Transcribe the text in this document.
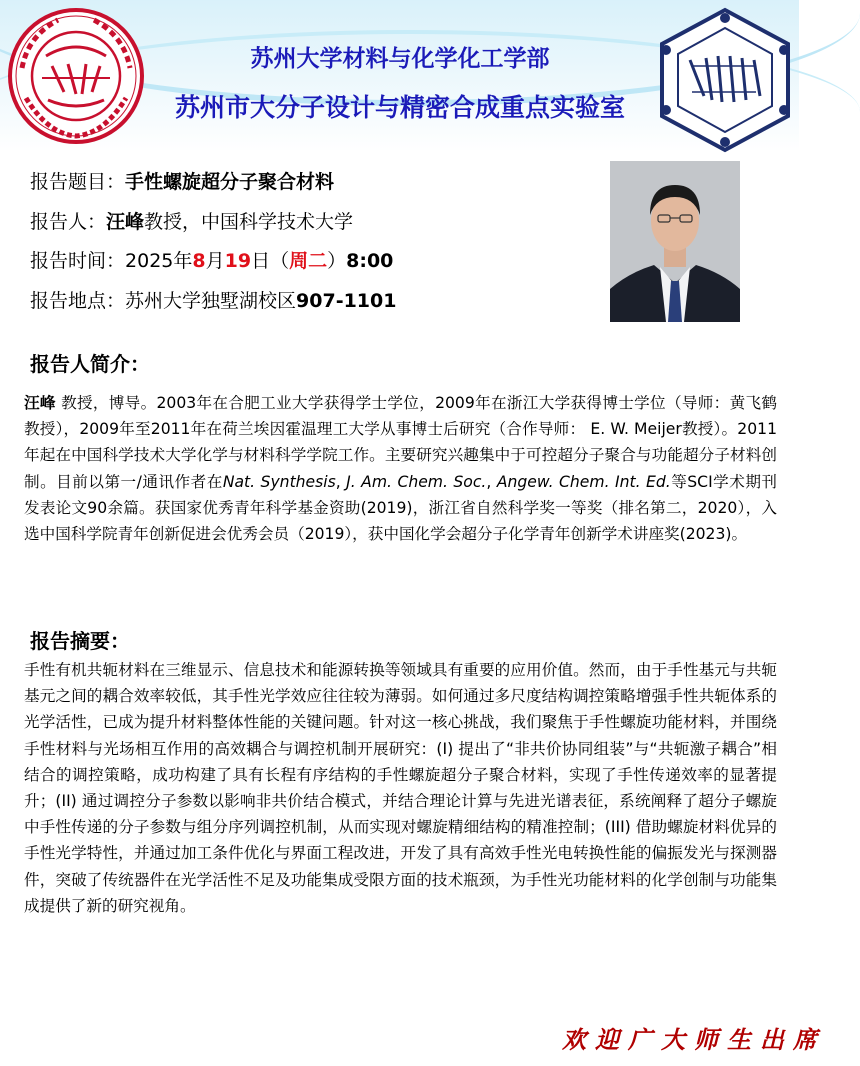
苏州大学材料与化学化工学部
苏州市大分子设计与精密合成重点实验室
报告题目：手性螺旋超分子聚合材料
报告人：汪峰教授，中国科学技术大学
报告时间：2025年8月19日（周二）8:00
报告地点：苏州大学独墅湖校区907-1101
报告人简介：
汪峰 教授，博导。2003年在合肥工业大学获得学士学位，2009年在浙江大学获得博士学位（导师：黄飞鹤教授），2009年至2011年在荷兰埃因霍温理工大学从事博士后研究（合作导师： E. W. Meijer教授）。2011年起在中国科学技术大学化学与材料科学学院工作。主要研究兴趣集中于可控超分子聚合与功能超分子材料创制。目前以第一/通讯作者在Nat. Synthesis, J. Am. Chem. Soc., Angew. Chem. Int. Ed.等SCI学术期刊发表论文90余篇。获国家优秀青年科学基金资助(2019)，浙江省自然科学奖一等奖（排名第二，2020），入选中国科学院青年创新促进会优秀会员（2019），获中国化学会超分子化学青年创新学术讲座奖(2023)。
报告摘要：
手性有机共轭材料在三维显示、信息技术和能源转换等领域具有重要的应用价值。然而，由于手性基元与共轭基元之间的耦合效率较低，其手性光学效应往往较为薄弱。如何通过多尺度结构调控策略增强手性共轭体系的光学活性，已成为提升材料整体性能的关键问题。针对这一核心挑战，我们聚焦于手性螺旋功能材料，并围绕手性材料与光场相互作用的高效耦合与调控机制开展研究：(I) 提出了“非共价协同组装”与“共轭激子耦合”相结合的调控策略，成功构建了具有长程有序结构的手性螺旋超分子聚合材料，实现了手性传递效率的显著提升；(II) 通过调控分子参数以影响非共价结合模式，并结合理论计算与先进光谱表征，系统阐释了超分子螺旋中手性传递的分子参数与组分序列调控机制，从而实现对螺旋精细结构的精准控制；(III) 借助螺旋材料优异的手性光学特性，并通过加工条件优化与界面工程改进，开发了具有高效手性光电转换性能的偏振发光与探测器件，突破了传统器件在光学活性不足及功能集成受限方面的技术瓶颈，为手性光功能材料的化学创制与功能集成提供了新的研究视角。
欢迎广大师生出席
